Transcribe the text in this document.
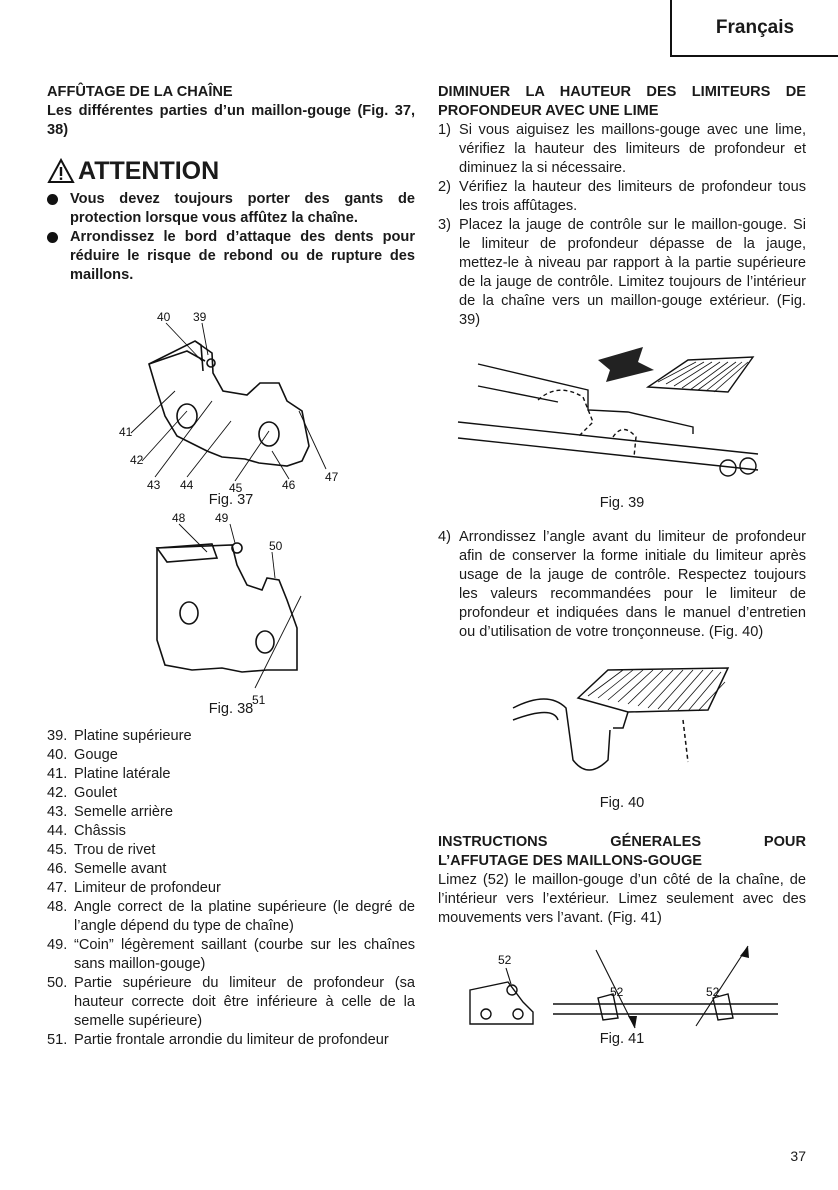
Français
AFFÛTAGE DE LA CHAÎNE
Les différentes parties d’un maillon-gouge (Fig. 37, 38)
ATTENTION
Vous devez toujours porter des gants de protection lorsque vous affûtez la chaîne.
Arrondissez le bord d’attaque des dents pour réduire le risque de rebond ou de rupture des maillons.
40 39
41
42
43 44	45	46
47
Fig. 37
48 49
50
51
Fig. 38
39. Platine supérieure
40. Gouge
41. Platine latérale
42. Goulet
43. Semelle arrière
44. Châssis
45. Trou de rivet
46. Semelle avant
47. Limiteur de profondeur
48. Angle correct de la platine supérieure (le degré de l’angle dépend du type de chaîne)
49. “Coin” légèrement saillant (courbe sur les chaînes sans maillon-gouge)
50. Partie supérieure du limiteur de profondeur (sa hauteur correcte doit être inférieure à celle de la semelle supérieure)
51. Partie frontale arrondie du limiteur de profondeur
DIMINUER LA HAUTEUR DES LIMITEURS DE PROFONDEUR AVEC UNE LIME
1) Si vous aiguisez les maillons-gouge avec une lime, vérifiez la hauteur des limiteurs de profondeur et diminuez la si nécessaire.
2) Vérifiez la hauteur des limiteurs de profondeur tous les trois affûtages.
3) Placez la jauge de contrôle sur le maillon-gouge. Si le limiteur de profondeur dépasse de la jauge, mettez-le à niveau par rapport à la partie supérieure de la jauge de contrôle. Limitez toujours de l’intérieur de la chaîne vers un maillon-gouge extérieur. (Fig. 39)
Fig. 39
4) Arrondissez l’angle avant du limiteur de profondeur afin de conserver la forme initiale du limiteur après usage de la jauge de contrôle. Respectez toujours les valeurs recommandées pour le limiteur de profondeur et indiquées dans le manuel d’entretien ou d’utilisation de votre tronçonneuse. (Fig. 40)
Fig. 40
INSTRUCTIONS GÉNERALES POUR
L’AFFUTAGE DES MAILLONS-GOUGE
Limez (52) le maillon-gouge d’un côté de la chaîne, de l’intérieur vers l’extérieur. Limez seulement avec des mouvements vers l’avant. (Fig. 41)
52
52	52
Fig. 41
37
